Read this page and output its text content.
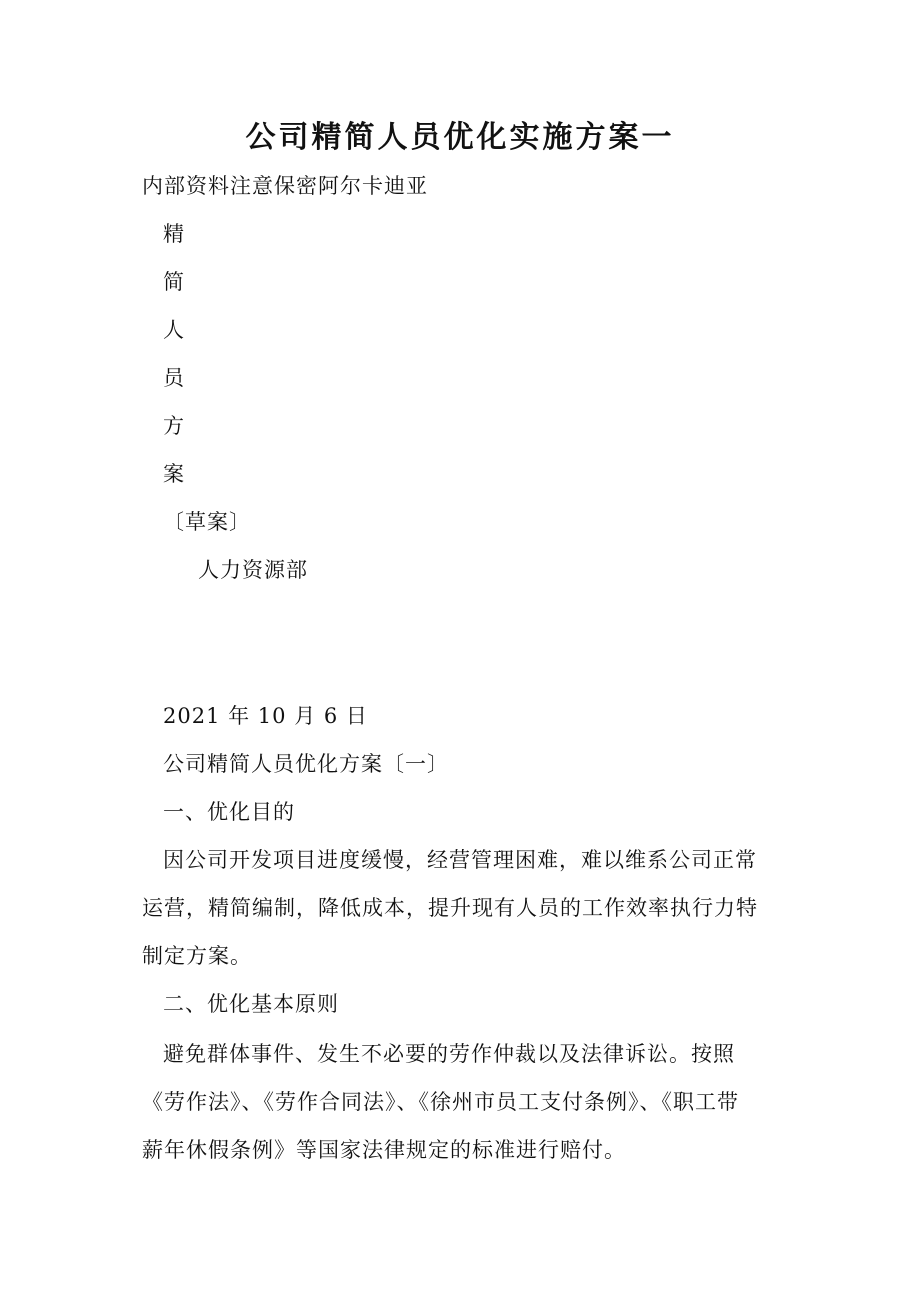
公司精简人员优化实施方案一
内部资料注意保密阿尔卡迪亚
精
简
人
员
方
案
〔草案〕
人力资源部
2021 年 10 月 6 日
公司精简人员优化方案〔一〕
一、优化目的
因公司开发项目进度缓慢，经营管理困难，难以维系公司正常
运营，精简编制，降低成本，提升现有人员的工作效率执行力特
制定方案。
二、优化基本原则
避免群体事件、发生不必要的劳作仲裁以及法律诉讼。按照
《劳作法》、《劳作合同法》、《徐州市员工支付条例》、《职工带
薪年休假条例》等国家法律规定的标准进行赔付。
